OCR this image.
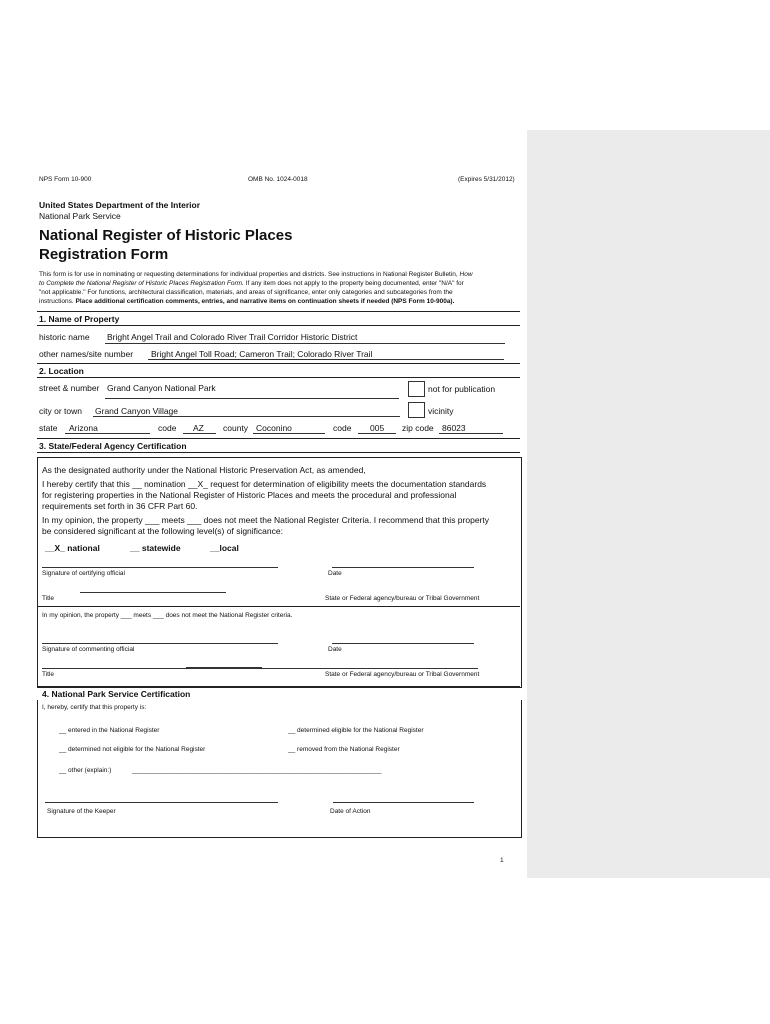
NPS Form 10-900	OMB No. 1024-0018	(Expires 5/31/2012)
United States Department of the Interior
National Park Service
National Register of Historic Places
Registration Form
This form is for use in nominating or requesting determinations for individual properties and districts. See instructions in National Register Bulletin, How
to Complete the National Register of Historic Places Registration Form. If any item does not apply to the property being documented, enter "N/A" for
"not applicable." For functions, architectural classification, materials, and areas of significance, enter only categories and subcategories from the
instructions. Place additional certification comments, entries, and narrative items on continuation sheets if needed (NPS Form 10-900a).
1. Name of Property
historic name Bright Angel Trail and Colorado River Trail Corridor Historic District
other names/site number Bright Angel Toll Road; Cameron Trail; Colorado River Trail
2. Location
street & number Grand Canyon National Park	not for publication
city or town Grand Canyon Village	vicinity
state Arizona	code AZ county Coconino	code 005 zip code 86023
3. State/Federal Agency Certification
As the designated authority under the National Historic Preservation Act, as amended,
I hereby certify that this __ nomination __X_ request for determination of eligibility meets the documentation standards
for registering properties in the National Register of Historic Places and meets the procedural and professional
requirements set forth in 36 CFR Part 60.
In my opinion, the property ___ meets ___ does not meet the National Register Criteria. I recommend that this property
be considered significant at the following level(s) of significance:
__X_ national	__ statewide	__local
Signature of certifying official	Date
Title	State or Federal agency/bureau or Tribal Government
In my opinion, the property ___ meets ___ does not meet the National Register criteria.
Signature of commenting official	Date
Title	State or Federal agency/bureau or Tribal Government
4. National Park Service Certification
I, hereby, certify that this property is:
__ entered in the National Register	__ determined eligible for the National Register
__ determined not eligible for the National Register	__ removed from the National Register
__ other (explain:)	_____________________________________________________________________
Signature of the Keeper	Date of Action
1
